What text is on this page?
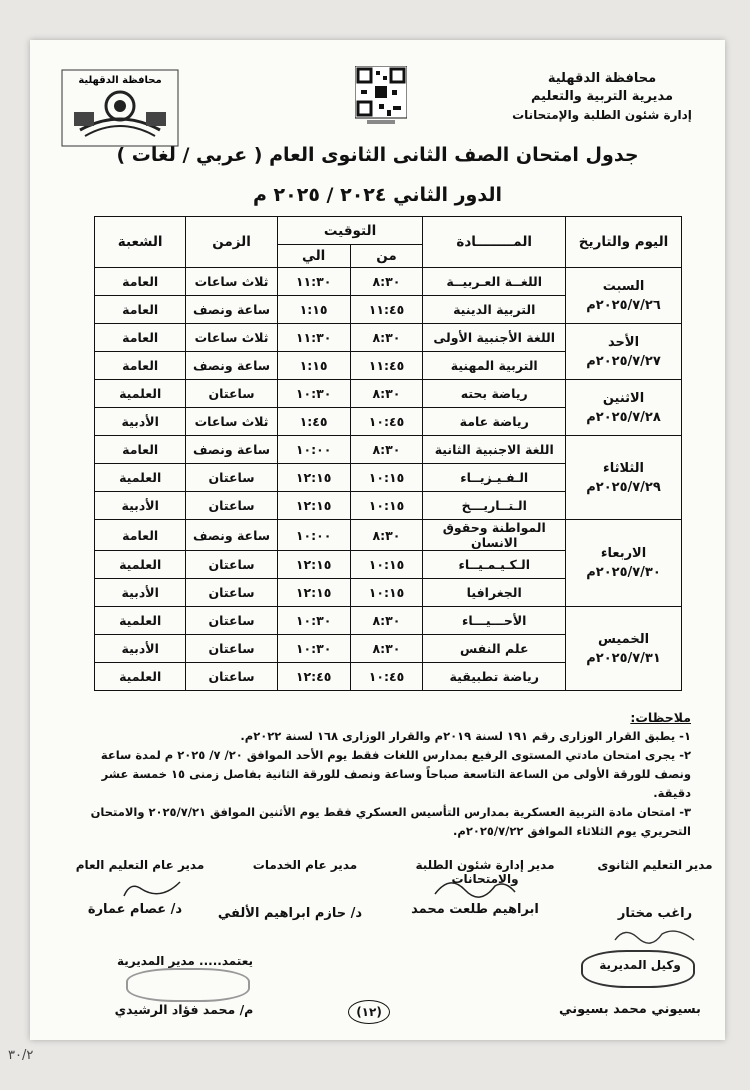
محافظة الدقهلية	محافظة الدقهلية
مديرية التربية والتعليم
إدارة شئون الطلبة والإمتحانات
جدول امتحان الصف الثانى الثانوى العام ( عربي / لغات )
الدور الثاني ٢٠٢٤ / ٢٠٢٥ م
اليوم والتاريخ	المــــــــادة	التوقيت		الزمن	الشعبة
		من	الي		

السبت
٢٠٢٥/٧/٢٦م	اللغــة العـربيــة	٨:٣٠	١١:٣٠	ثلاث ساعات	العامة
	التربية الدينية	١١:٤٥	١:١٥	ساعة ونصف	العامة

الأحد
٢٠٢٥/٧/٢٧م	اللغة الأجنبية الأولى	٨:٣٠	١١:٣٠	ثلاث ساعات	العامة
	التربية المهنية	١١:٤٥	١:١٥	ساعة ونصف	العامة

الاثنين
٢٠٢٥/٧/٢٨م	رياضة بحته	٨:٣٠	١٠:٣٠	ساعتان	العلمية
	رياضة عامة	١٠:٤٥	١:٤٥	ثلاث ساعات	الأدبية

الثلاثاء
٢٠٢٥/٧/٢٩م	اللغة الاجنبية الثانية	٨:٣٠	١٠:٠٠	ساعة ونصف	العامة
	الـفـيـزيــاء	١٠:١٥	١٢:١٥	ساعتان	العلمية
	الـتــاريـــخ	١٠:١٥	١٢:١٥	ساعتان	الأدبية

الاربعاء
٢٠٢٥/٧/٣٠م	المواطنة وحقوق الانسان	٨:٣٠	١٠:٠٠	ساعة ونصف	العامة
	الـكـيـمـيــاء	١٠:١٥	١٢:١٥	ساعتان	العلمية
	الجغرافيا	١٠:١٥	١٢:١٥	ساعتان	الأدبية

الخميس
٢٠٢٥/٧/٣١م	الأحـــيـــاء	٨:٣٠	١٠:٣٠	ساعتان	العلمية
	علم النفس	٨:٣٠	١٠:٣٠	ساعتان	الأدبية
	رياضة تطبيقية	١٠:٤٥	١٢:٤٥	ساعتان	العلمية
ملاحظات:
١- يطبق القرار الوزارى رقم ١٩١ لسنة ٢٠١٩م والقرار الوزارى ١٦٨ لسنة ٢٠٢٢م.
٢- يجرى امتحان مادتي المستوى الرفيع بمدارس اللغات فقط يوم الأحد الموافق ٢٠/ ٧/ ٢٠٢٥ م لمدة ساعة ونصف للورقة الأولى من الساعة التاسعة صباحاً وساعة ونصف للورقة الثانية بفاصل زمنى ١٥ خمسة عشر دقيقة.
٣- امتحان مادة التربية العسكرية بمدارس التأسيس العسكري فقط يوم الأثنين الموافق ٢٠٢٥/٧/٢١ والامتحان التحريري يوم الثلاثاء الموافق ٢٠٢٥/٧/٢٢م.
مدير التعليم الثانوى
مدير إدارة شئون الطلبة والامتحانات
مدير عام الخدمات
مدير عام التعليم العام
راغب مختار
ابراهيم طلعت محمد
د/ حازم ابراهيم الألفي
د/ عصام عمارة
يعتمد..... مدير المديرية
م/ محمد فؤاد الرشيدي
وكيل المديرية
بسيوني محمد بسيوني
(١٢)
٣٠/٢
